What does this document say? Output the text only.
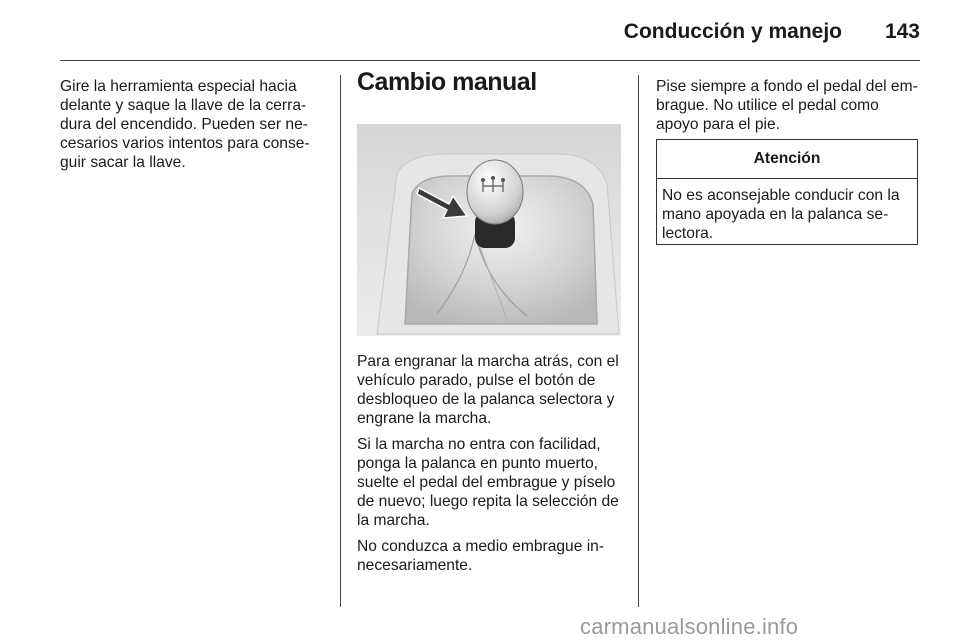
Conducción y manejo 143

Gire la herramienta especial hacia delante y saque la llave de la cerra-dura del encendido. Pueden ser ne-cesarios varios intentos para conse-guir sacar la llave.

Cambio manual

Para engranar la marcha atrás, con el vehículo parado, pulse el botón de desbloqueo de la palanca selectora y engrane la marcha.

Si la marcha no entra con facilidad, ponga la palanca en punto muerto, suelte el pedal del embrague y píselo de nuevo; luego repita la selección de la marcha.

No conduzca a medio embrague in-necesariamente.

Pise siempre a fondo el pedal del em-brague. No utilice el pedal como apoyo para el pie.

Atención
No es aconsejable conducir con la mano apoyada en la palanca se-lectora.
carmanualsonline.info
